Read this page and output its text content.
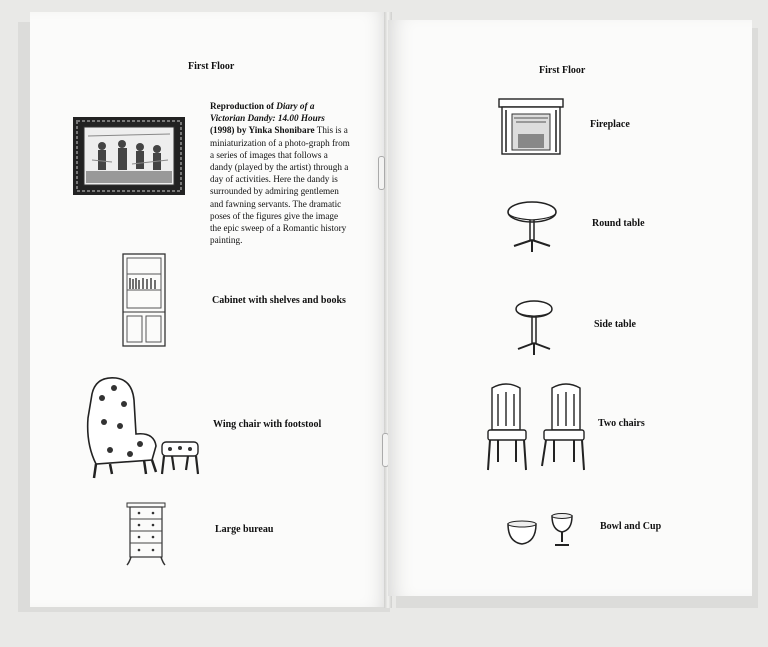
First Floor
Reproduction of Diary of a Victorian Dandy: 14.00 Hours (1998) by Yinka Shonibare This is a miniaturization of a photo-graph from a series of images that follows a dandy (played by the artist) through a day of activities. Here the dandy is surrounded by admiring gentlemen and fawning servants. The dramatic poses of the figures give the image the epic sweep of a Romantic history painting.
Cabinet with shelves and books
Wing chair with footstool
Large bureau
First Floor
Fireplace
Round table
Side table
Two chairs
Bowl and Cup
